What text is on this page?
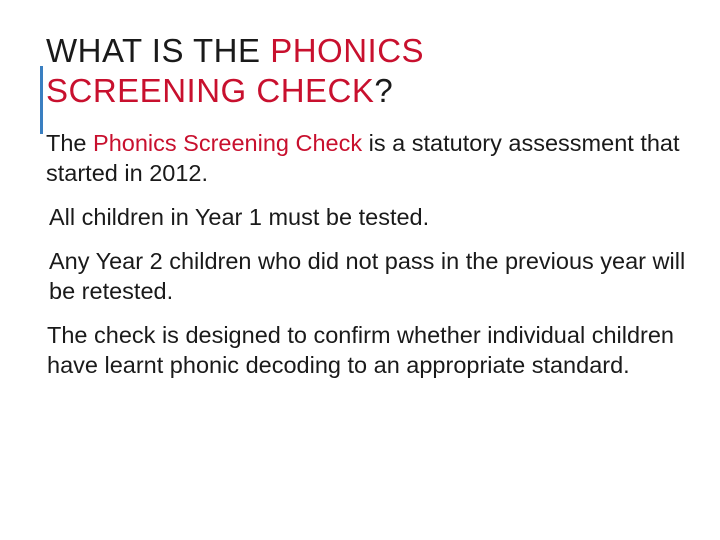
WHAT IS THE PHONICS
SCREENING CHECK?

The Phonics Screening Check is a statutory assessment that started in 2012.

All children in Year 1 must be tested.

Any Year 2 children who did not pass in the previous year will be retested.

The check is designed to confirm whether individual children have learnt phonic decoding to an appropriate standard.
